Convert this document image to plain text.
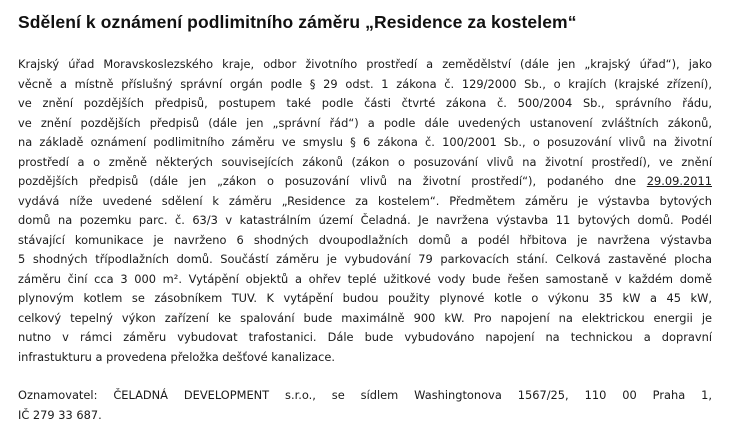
Sdělení k oznámení podlimitního záměru „Residence za kostelem“
Krajský úřad Moravskoslezského kraje, odbor životního prostředí a zemědělství (dále jen „krajský úřad“), jako
věcně a místně příslušný správní orgán podle § 29 odst. 1 zákona č. 129/2000 Sb., o krajích (krajské zřízení),
ve znění pozdějších předpisů, postupem také podle části čtvrté zákona č. 500/2004 Sb., správního řádu,
ve znění pozdějších předpisů (dále jen „správní řád“) a podle dále uvedených ustanovení zvláštních zákonů,
na základě oznámení podlimitního záměru ve smyslu § 6 zákona č. 100/2001 Sb., o posuzování vlivů na životní
prostředí a o změně některých souvisejících zákonů (zákon o posuzování vlivů na životní prostředí), ve znění
pozdějších předpisů (dále jen „zákon o posuzování vlivů na životní prostředí“), podaného dne 29.09.2011
vydává níže uvedené sdělení k záměru „Residence za kostelem“. Předmětem záměru je výstavba bytových
domů na pozemku parc. č. 63/3 v katastrálním území Čeladná. Je navržena výstavba 11 bytových domů. Podél
stávající komunikace je navrženo 6 shodných dvoupodlažních domů a podél hřbitova je navržena výstavba
5 shodných třípodlažních domů. Součástí záměru je vybudování 79 parkovacích stání. Celková zastavěné plocha
záměru činí cca 3 000 m². Vytápění objektů a ohřev teplé užitkové vody bude řešen samostaně v každém domě
plynovým kotlem se zásobníkem TUV. K vytápění budou použity plynové kotle o výkonu 35 kW a 45 kW,
celkový tepelný výkon zařízení ke spalování bude maximálně 900 kW. Pro napojení na elektrickou energii je
nutno v rámci záměru vybudovat trafostanici. Dále bude vybudováno napojení na technickou a dopravní
infrastukturu a provedena přeložka dešťové kanalizace.
Oznamovatel: ČELADNÁ DEVELOPMENT s.r.o., se sídlem Washingtonova 1567/25, 110 00 Praha 1,
IČ 279 33 687.
